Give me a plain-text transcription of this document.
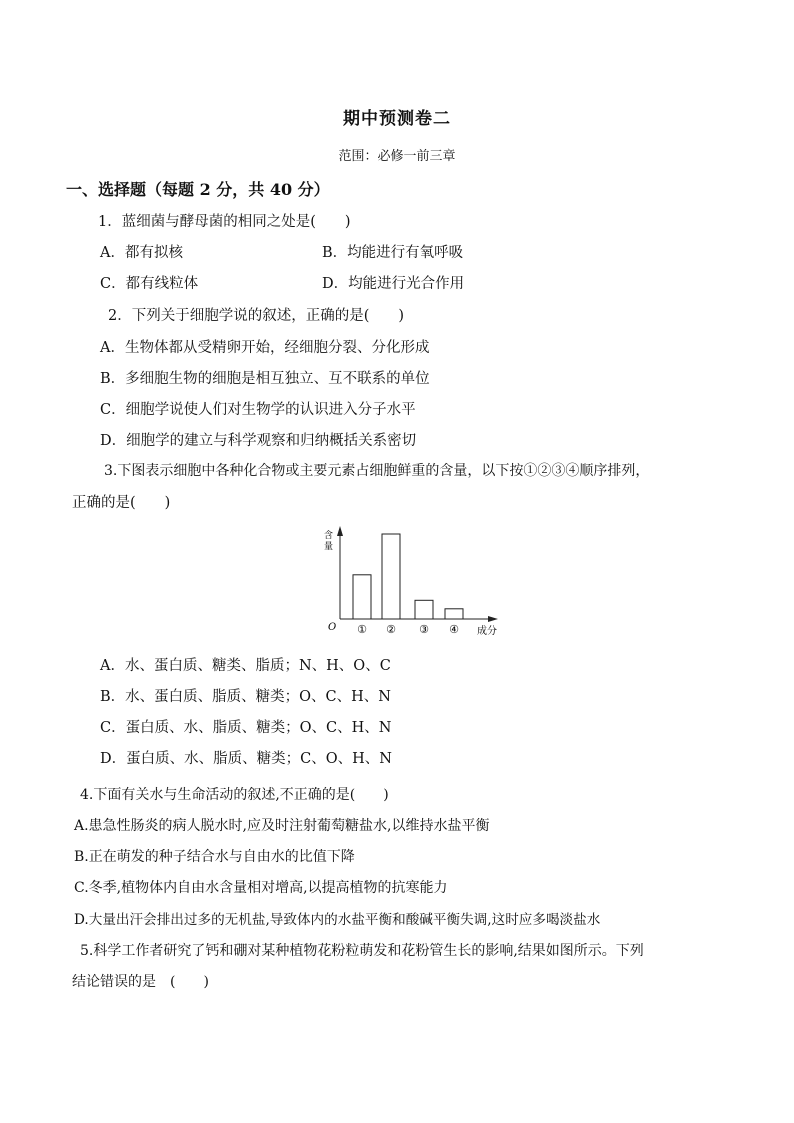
期中预测卷二
范围：必修一前三章
一、选择题（每题 2 分，共 40 分）
1．蓝细菌与酵母菌的相同之处是(　　)
A．都有拟核	B．均能进行有氧呼吸
C．都有线粒体	D．均能进行光合作用
2．下列关于细胞学说的叙述，正确的是(　　)
A．生物体都从受精卵开始，经细胞分裂、分化形成
B．多细胞生物的细胞是相互独立、互不联系的单位
C．细胞学说使人们对生物学的认识进入分子水平
D．细胞学的建立与科学观察和归纳概括关系密切
3.下图表示细胞中各种化合物或主要元素占细胞鲜重的含量，以下按①②③④顺序排列，
正确的是(　　)
含
量
O	成分
① ② ③ ④
A．水、蛋白质、糖类、脂质；N、H、O、C
B．水、蛋白质、脂质、糖类；O、C、H、N
C．蛋白质、水、脂质、糖类；O、C、H、N
D．蛋白质、水、脂质、糖类；C、O、H、N
4.下面有关水与生命活动的叙述,不正确的是(　　)
A.患急性肠炎的病人脱水时,应及时注射葡萄糖盐水,以维持水盐平衡
B.正在萌发的种子结合水与自由水的比值下降
C.冬季,植物体内自由水含量相对增高,以提高植物的抗寒能力
D.大量出汗会排出过多的无机盐,导致体内的水盐平衡和酸碱平衡失调,这时应多喝淡盐水
5.科学工作者研究了钙和硼对某种植物花粉粒萌发和花粉管生长的影响,结果如图所示。下列
结论错误的是　(　　)
